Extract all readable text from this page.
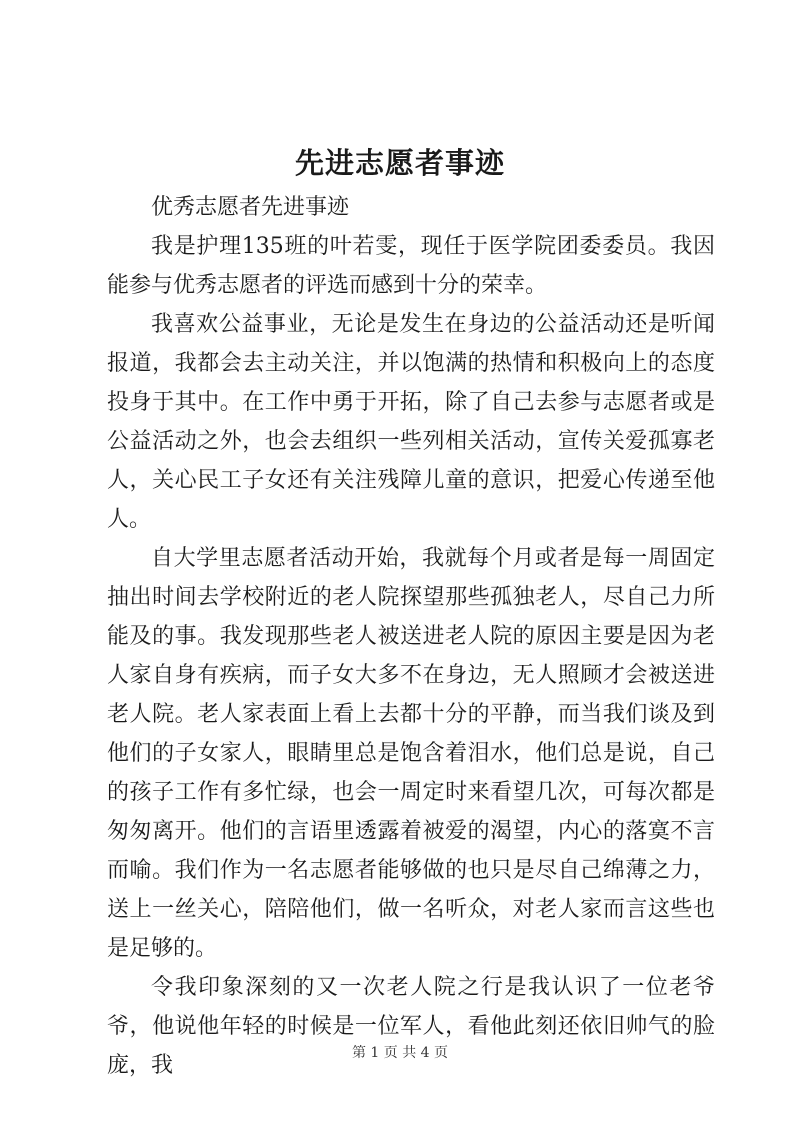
先进志愿者事迹

优秀志愿者先进事迹

我是护理135班的叶若雯，现任于医学院团委委员。我因能参与优秀志愿者的评选而感到十分的荣幸。

我喜欢公益事业，无论是发生在身边的公益活动还是听闻报道，我都会去主动关注，并以饱满的热情和积极向上的态度投身于其中。在工作中勇于开拓，除了自己去参与志愿者或是公益活动之外，也会去组织一些列相关活动，宣传关爱孤寡老人，关心民工子女还有关注残障儿童的意识，把爱心传递至他人。

自大学里志愿者活动开始，我就每个月或者是每一周固定抽出时间去学校附近的老人院探望那些孤独老人，尽自己力所能及的事。我发现那些老人被送进老人院的原因主要是因为老人家自身有疾病，而子女大多不在身边，无人照顾才会被送进老人院。老人家表面上看上去都十分的平静，而当我们谈及到他们的子女家人，眼睛里总是饱含着泪水，他们总是说，自己的孩子工作有多忙绿，也会一周定时来看望几次，可每次都是匆匆离开。他们的言语里透露着被爱的渴望，内心的落寞不言而喻。我们作为一名志愿者能够做的也只是尽自己绵薄之力，送上一丝关心，陪陪他们，做一名听众，对老人家而言这些也是足够的。

令我印象深刻的又一次老人院之行是我认识了一位老爷爷，他说他年轻的时候是一位军人，看他此刻还依旧帅气的脸庞，我	第 1 页 共 4 页
